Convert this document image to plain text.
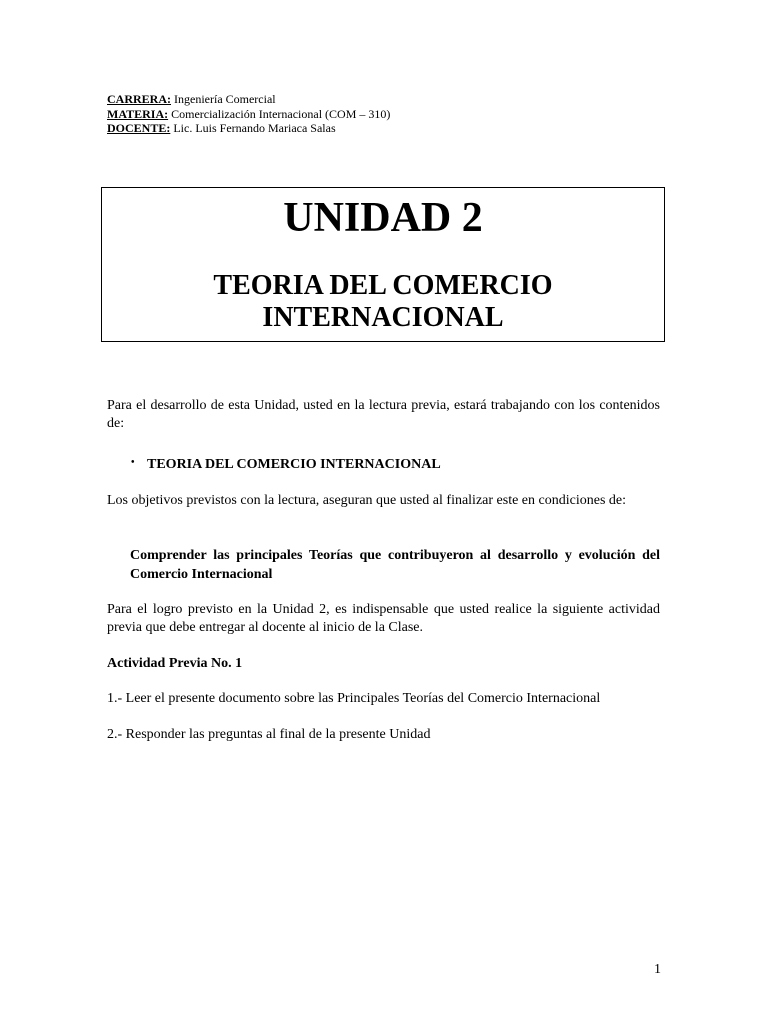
CARRERA: Ingeniería Comercial
MATERIA: Comercialización Internacional (COM – 310)
DOCENTE: Lic. Luis Fernando Mariaca Salas
UNIDAD 2
TEORIA DEL COMERCIO
INTERNACIONAL
Para el desarrollo de esta Unidad, usted en la lectura previa, estará trabajando con los contenidos de:
• TEORIA DEL COMERCIO INTERNACIONAL
Los objetivos previstos con la lectura, aseguran que usted al finalizar este en condiciones de:
Comprender las principales Teorías que contribuyeron al desarrollo y evolución del Comercio Internacional
Para el logro previsto en la Unidad 2, es indispensable que usted realice la siguiente actividad previa que debe entregar al docente al inicio de la Clase.
Actividad Previa No. 1
1.- Leer el presente documento sobre las Principales Teorías del Comercio Internacional
2.- Responder las preguntas al final de la presente Unidad
1
